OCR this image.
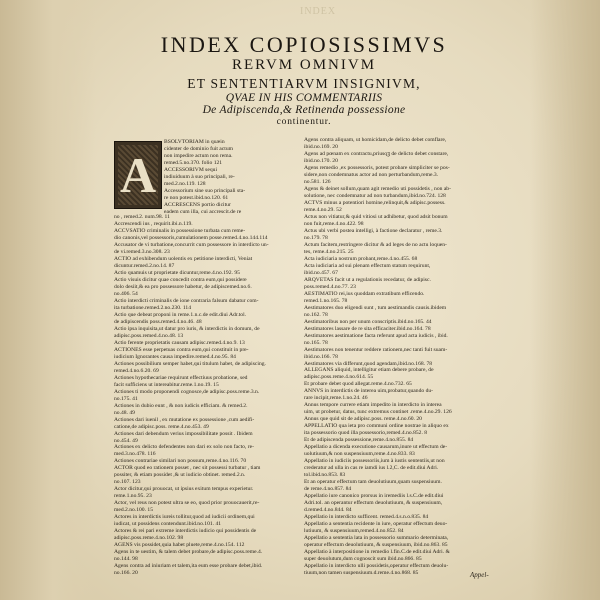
INDEX
INDEX COPIOSISSIMVS
RERVM OMNIVM
ET SENTENTIARVM INSIGNIVM,
QVAE IN HIS COMMENTARIIS
De Adipiscenda,& Retinenda possessione
continentur.
A
BSOLVTORIAM in quæin
cidenter de dominio fuit actum
non impedire actum non rema.
remed.5.no.370. folio 121
ACCESSORIVM sequi
indiuiduum à suo principali, re-
med.2.no.119. 128
Accessorium sine suo principali sta-
re non potest.ibid.no.120. 61
ACCRESCENS portio dicitur
eadem cum illa, cui accrescit.de re
no , remed.2. num.98. 11
Accrescendi ius , requirit.ibi.n.119.
ACCVSATIO criminalis in possessione turbata cum reme-
dio canonis,vel possessoris,cumulationem posse.remed.4.no.144.114
Accusator de vi turbatione,concurrit cum possessore in interdicto un-
de vi.remed.3.no.308. 23
ACTIO ad exhibendum uolentis ex petitione interdicti, Veniat
dicuntur.remed.2.no.14. 87
Actio quamuis ut proprietate dicuntur,reme.4.no.192. 95
Actio visuis dicitur quae concedit contra eum,qui possidere
dolo desiit,& ea pro possessore habetur, de adipiscemed.no.6.
no.406. 54
Actio interdicti criminalis de ione contraria falsum dabatur com-
ita turbatione.remed.2.no.230. 114
Actio que debeat proponi in reme.1.n.c.de edit.diui Adr.tol.
de adipiscendis poss.remed.4.no.46. 48
Actio ipsa inquisita,ut datur pro iuris, & interdictis in domum, de
adipisc.poss.remed.4.no.48. 13
Actio ferente proprietatis causam adipisc.remed.4.no.9. 13
ACTIONES esse perpetuas contra eum,qui constituit in pre-
iudicium Ignorantes causa impedire.remed.4.no.95. 84
Actiones possibilium semper habet,qui titulum habet, de adipiscing.
remed.4.no.6.20. 69
Actiones hypothecariae requirunt effectiuus probatione, sed
facit sufficiens ut intereabitur.reme.1.no.19. 15
Actiones ti modo proponendi cognosce,de adipisc.poss.reme.3.n.
no.175. 41
Actiones in dubio eunt , & non iudicis efficiam. & remed.2.
no.48. 49
Actiones dari iuenil , ex mutatione ex possessione ,cum aedifi-
catione,de adipisc.poss. reme.4.no.453. 49
Actiones dari debendum verius impossibilitate possit . Ibidem
no.454. 49
Actiones ex delicto defendentes non dari ex solo non facto, re-
med.3.no.478. 116
Actiones contrariae similari non possum,reme.4.no.116. 70
ACTOR quod eo rationem posset , nec sit possessi turbatur , tiam
possiter, & etiam possidet ,& ut iudicio obtinet. remed.2.n.
no.107. 123
Actor dicitur,qui prouocat, ut ipsius exitum tempus experietur.
reme.1.no.95. 23
Actor, vel reus non potest ultra se eo, quod prior prouocauerit,re-
med.2.no.100. 15
Actores in interdictis iureis tollitur,quod ad iudicii ordinem,qui
iudicat, ut possidens contendunt.ibid.no.101. 41
Actores & rei pari extreme interdictis iudicio qui possidentis de
adipisc.poss.reme.4.no.102. 98
AGENS vis possidet,quia habet pluete,reme.4.no.154. 112
Agens in te uestim, & talem debet probare,de adipisc.poss.reme.4.
no.144. 98
Agens contra ad iniuriam et talem,ita eum esse probare debet,ibid.
no.166. 20
Agens contra aliquam, ut homicidam,de delicto debet comflare,
ibid.no.169. 20
Agens ad pœnam ex contractu,priusqꝫ de delicto debet constare,
ibid.no.170. 20
Agens remedio ,ex possessoris, potest probare simpliciter se pos-
sidere,non condemnatus actor ad non perturbandum,reme.3.
no.581. 126
Agens & deinet sollum,quam agit remedio uti possidetis , non ab-
solutione, nec condemnatur ad non turbandum,ibid.no.724. 128
ACTVS minus a potentiori homine,relinquit,& adipisc.possess.
reme.4.no.29. 52
Actus non vitiatur,& quid vitiosi ut adhibetur, quod adsit bonum
non fuit,reme.4.no.422. 98
Actus ubi verbi postea intelligi, à factione declaratur , reme.3.
no.179. 78
Actum facitem,restringere dicitur & ad leges de no actu loquen-
tes, reme.4.no.215. 25
Acta iudiciaria nostrum probant,reme.4.no.455. 68
Acta iudiciaria ad sui plenam effectum statum requirunt,
ibid.no.457. 67
ARQVETAS facit ut a regulationis recedatur, de adipisc.
poss.remed.4.no.77. 23
AESTIMATIO rei,ius quoddam extratibum efficendo.
remed.1.no.165. 78
Aestimatores duo eligendi sunt , tum aestimandis causis.ibidem
no.162. 78
Aestimatoribus non per unum conscriptis.ibid.no.165. 44
Aestimatores lassare de re sita efficaciter.ibid.no.164. 78
Aestimatores aestimatione facta referunt apud acta iudicis , ibid.
no.165. 78
Aestimatores non tenentur reddere rationem,nec tanti fuit suam-
ibid.no.166. 78
Aestimatores via differunt,quod agendam,ibid.no.168. 78
ALLEGANS aliquid, intelligitur etiam debere probare, de
adipisc.poss.reme.4.no.614. 55
Et probare debet quod allegat.reme.4.no.732. 65
ANNVS in interdictis de interea uim,probatur,quando du-
rare incipit,reme.1.no.24. 46
Annus tempore currere etiam impedito in interdicto in interea
uim, ut probetur, datus, tunc extremus continet .reme.4.no.29. 126
Annus que quid sit de adipisc.poss. reme.4.no.60. 20
APPELLATIO qua ieta pro communi ordine nostrae in aliquo ex
ita possessorio quod illa possessorio,remed.4.no.852. 8
Et de adipiscenda possessione,reme.4.no.855. 84
Appellatio a dicenda executione causarum,inure ut effectum de-
uolutiuum,& non suspensiuum,reme.4.no.833. 83
Appellatio in iudiciis possessoriis,ium à iustis sententiis,ut non
crederatur ad ulla in cas re iamdi ius l.2,C. de edit.diui Adri.
tol.ibid.no.853. 83
Et an operatur effectum tam deuolutiuum,quam suspensiuum.
de reme.4.no.857. 84
Appellatio iure canonico prorsus in iremediis l.s.C.de edit.diui
Adri.tol. an operantur effectum deuolutiuum, & suspensiuum,
d.remed.4.no.844. 84
Appellatio in interdicto sufficent. remed.4.s.n.o.835. 84
Appellatio a sententia recidente in iure, operatur effectum deuo-
lutiuum, & suspensiuum,remed.4.no.852. 84
Appellatio a sententia lata in possessorio summario determinata,
operatur effectum deuolutiuum, & suspensiuum, ibid.no.863. 85
Appellatio à interpositione in remedio l.fin.C.de edit.diui Adri. &
super deuolutum,dum cognoscit sum ibid.no.866. 85
Appellatio in interdicto ulli possidetis,operatur effectum deuolu-
tiuum,non tamen suspensiuum.d.reme.4.no.868. 85	Appel-
